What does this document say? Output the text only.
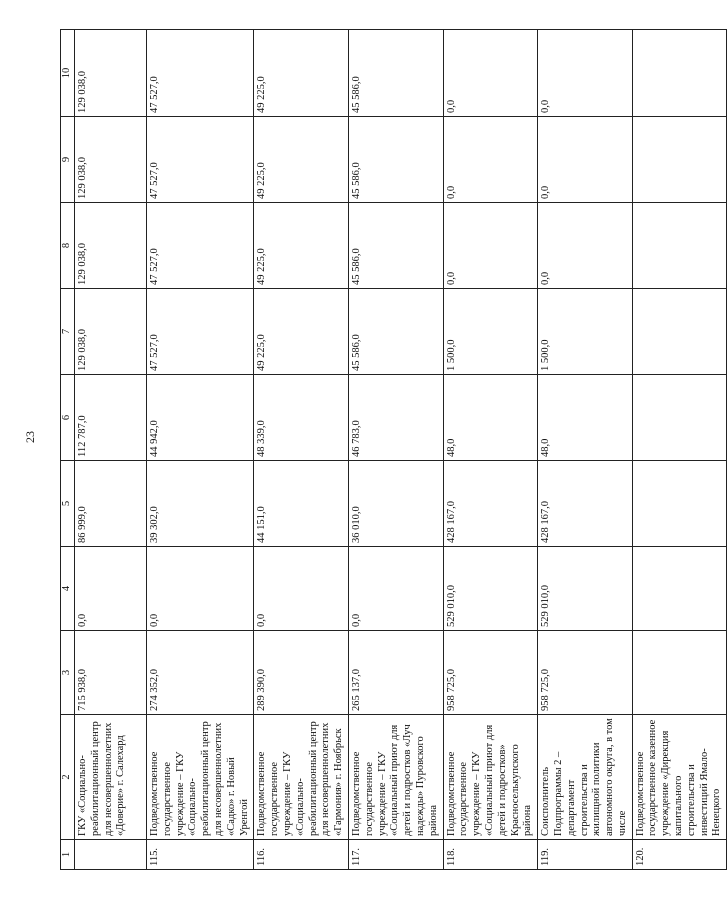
23
1	2	3	4	5	6	7	8	9	10
	ГКУ «Социально-реабилитационный центр для несовершеннолетних «Доверие» г. Салехард	715 938,0	0,0	86 999,0	112 787,0	129 038,0	129 038,0	129 038,0	129 038,0
115.	Подведомственное государственное учреждение – ГКУ «Социально-реабилитационный центр для несовершеннолетних «Садко» г. Новый Уренгой	274 352,0	0,0	39 302,0	44 942,0	47 527,0	47 527,0	47 527,0	47 527,0
116.	Подведомственное государственное учреждение – ГКУ «Социально-реабилитационный центр для несовершеннолетних «Гармония» г. Ноябрьск	289 390,0	0,0	44 151,0	48 339,0	49 225,0	49 225,0	49 225,0	49 225,0
117.	Подведомственное государственное учреждение – ГКУ «Социальный приют для детей и подростков «Луч надежды» Пуровского района	265 137,0	0,0	36 010,0	46 783,0	45 586,0	45 586,0	45 586,0	45 586,0
118.	Подведомственное государственное учреждение – ГКУ «Социальный приют для детей и подростков» Красноселькупского района	958 725,0	529 010,0	428 167,0	48,0	1 500,0	0,0	0,0	0,0
119.	Соисполнитель Подпрограммы 2 – департамент строительства и жилищной политики автономного округа, в том числе	958 725,0	529 010,0	428 167,0	48,0	1 500,0	0,0	0,0	0,0
120.	Подведомственное государственное казенное учреждение «Дирекция капитального строительства и инвестиций Ямало-Ненецкого								
